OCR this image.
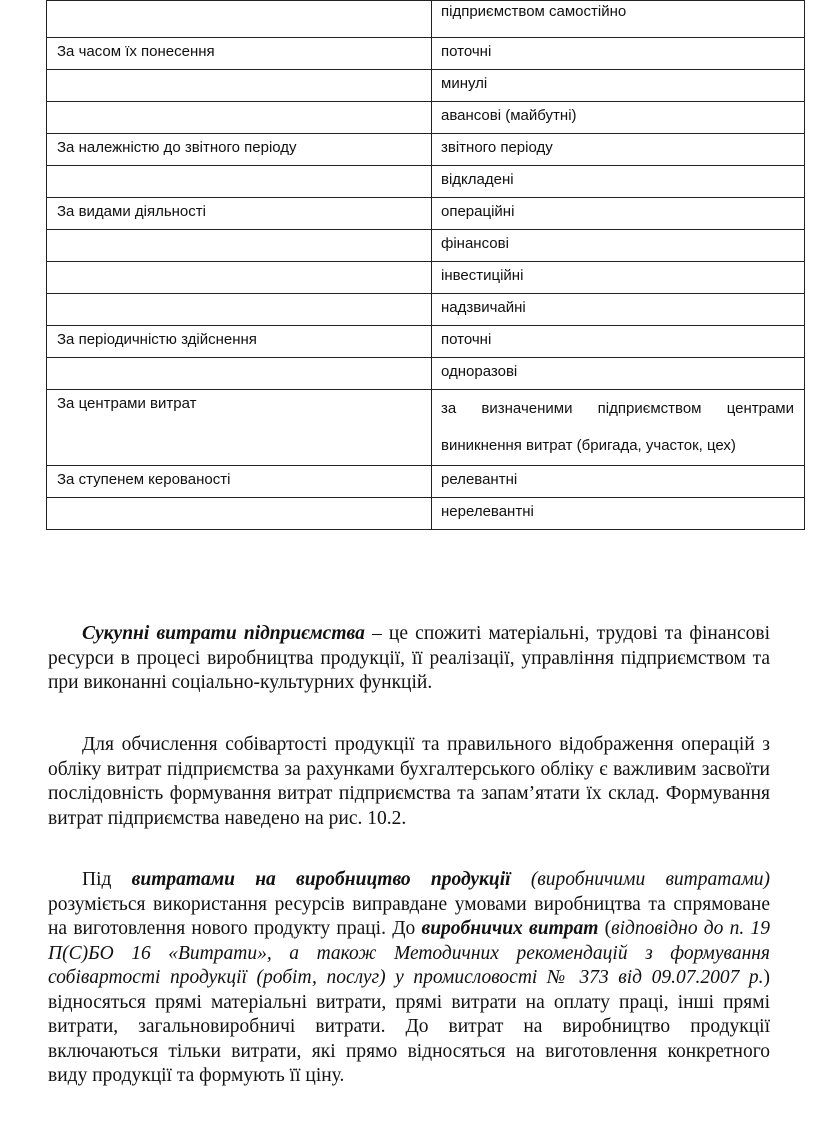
	підприємством самостійно
За часом їх понесення	поточні
	минулі
	авансові (майбутні)
За належністю до звітного періоду	звітного періоду
	відкладені
За видами діяльності	операційні
	фінансові
	інвестиційні
	надзвичайні
За періодичністю здійснення	поточні
	одноразові
За центрами витрат	за визначеними підприємством центрами
виникнення витрат (бригада, участок, цех)

За ступенем керованості	релевантні
	нерелевантні

Сукупні витрати підприємства – це спожиті матеріальні, трудові та фінансові ресурси в процесі виробництва продукції, її реалізації, управління підприємством та при виконанні соціально-культурних функцій.

Для обчислення собівартості продукції та правильного відображення операцій з обліку витрат підприємства за рахунками бухгалтерського обліку є важливим засвоїти послідовність формування витрат підприємства та запам’ятати їх склад. Формування витрат підприємства наведено на рис. 10.2.

Під витратами на виробництво продукції (виробничими витратами) розуміється використання ресурсів виправдане умовами виробництва та спрямоване на виготовлення нового продукту праці. До виробничих витрат (відповідно до п. 19 П(С)БО 16 «Витрати», а також Методичних рекомендацій з формування собівартості продукції (робіт, послуг) у промисловості № 373 від 09.07.2007 р.) відносяться прямі матеріальні витрати, прямі витрати на оплату праці, інші прямі витрати, загальновиробничі витрати. До витрат на виробництво продукції включаються тільки витрати, які прямо відносяться на виготовлення конкретного виду продукції та формують її ціну.
